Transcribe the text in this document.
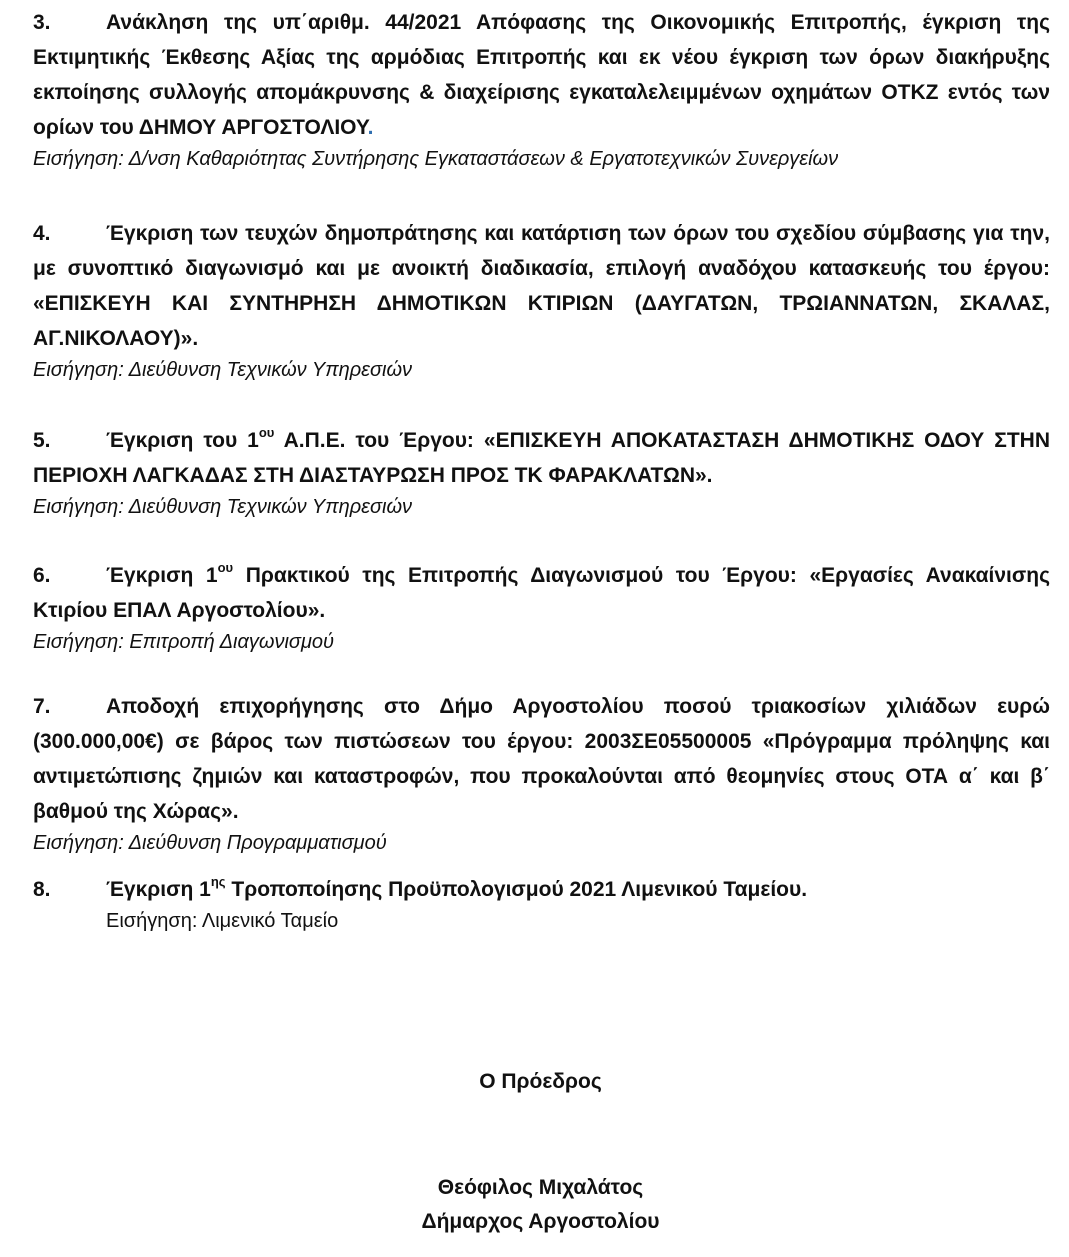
3.	Ανάκληση της υπ΄αριθμ. 44/2021 Απόφασης της Οικονομικής Επιτροπής, έγκριση της Εκτιμητικής Έκθεσης Αξίας της αρμόδιας Επιτροπής και εκ νέου έγκριση των όρων διακήρυξης εκποίησης συλλογής απομάκρυνσης & διαχείρισης εγκαταλελειμμένων οχημάτων ΟΤΚΖ εντός των ορίων του ΔΗΜΟΥ ΑΡΓΟΣΤΟΛΙΟΥ.

Εισήγηση: Δ/νση Καθαριότητας Συντήρησης Εγκαταστάσεων & Εργατοτεχνικών Συνεργείων

4.	Έγκριση των τευχών δημοπράτησης και κατάρτιση των όρων του σχεδίου σύμβασης για την, με συνοπτικό διαγωνισμό και με ανοικτή διαδικασία, επιλογή αναδόχου κατασκευής του έργου: «ΕΠΙΣΚΕΥΗ ΚΑΙ ΣΥΝΤΗΡΗΣΗ ΔΗΜΟΤΙΚΩΝ ΚΤΙΡΙΩΝ (ΔΑΥΓΑΤΩΝ, ΤΡΩΙΑΝΝΑΤΩΝ, ΣΚΑΛΑΣ, ΑΓ.ΝΙΚΟΛΑΟΥ)».

Εισήγηση: Διεύθυνση Τεχνικών Υπηρεσιών

5.	Έγκριση του $1^{o\upsilon}$ Α.Π.Ε. του Έργου: «ΕΠΙΣΚΕΥΗ ΑΠΟΚΑΤΑΣΤΑΣΗ ΔΗΜΟΤΙΚΗΣ ΟΔΟΥ ΣΤΗΝ ΠΕΡΙΟΧΗ ΛΑΓΚΑΔΑΣ ΣΤΗ ΔΙΑΣΤΑΥΡΩΣΗ ΠΡΟΣ ΤΚ ΦΑΡΑΚΛΑΤΩΝ».

Εισήγηση: Διεύθυνση Τεχνικών Υπηρεσιών

6.	Έγκριση $1^{o\upsilon}$ Πρακτικού της Επιτροπής Διαγωνισμού του Έργου: «Εργασίες Ανακαίνισης Κτιρίου ΕΠΑΛ Αργοστολίου».

Εισήγηση: Επιτροπή Διαγωνισμού

7.	Αποδοχή επιχορήγησης στο Δήμο Αργοστολίου ποσού τριακοσίων χιλιάδων ευρώ (300.000,00€) σε βάρος των πιστώσεων του έργου: 2003ΣΕ05500005 «Πρόγραμμα πρόληψης και αντιμετώπισης ζημιών και καταστροφών, που προκαλούνται από θεομηνίες στους ΟΤΑ α΄ και β΄ βαθμού της Χώρας».

Εισήγηση: Διεύθυνση Προγραμματισμού

8.	Έγκριση $1^{\eta\varsigma}$ Τροποποίησης Προϋπολογισμού 2021 Λιμενικού Ταμείου.

Εισήγηση: Λιμενικό Ταμείο

Ο Πρόεδρος
Θεόφιλος Μιχαλάτος
Δήμαρχος Αργοστολίου
